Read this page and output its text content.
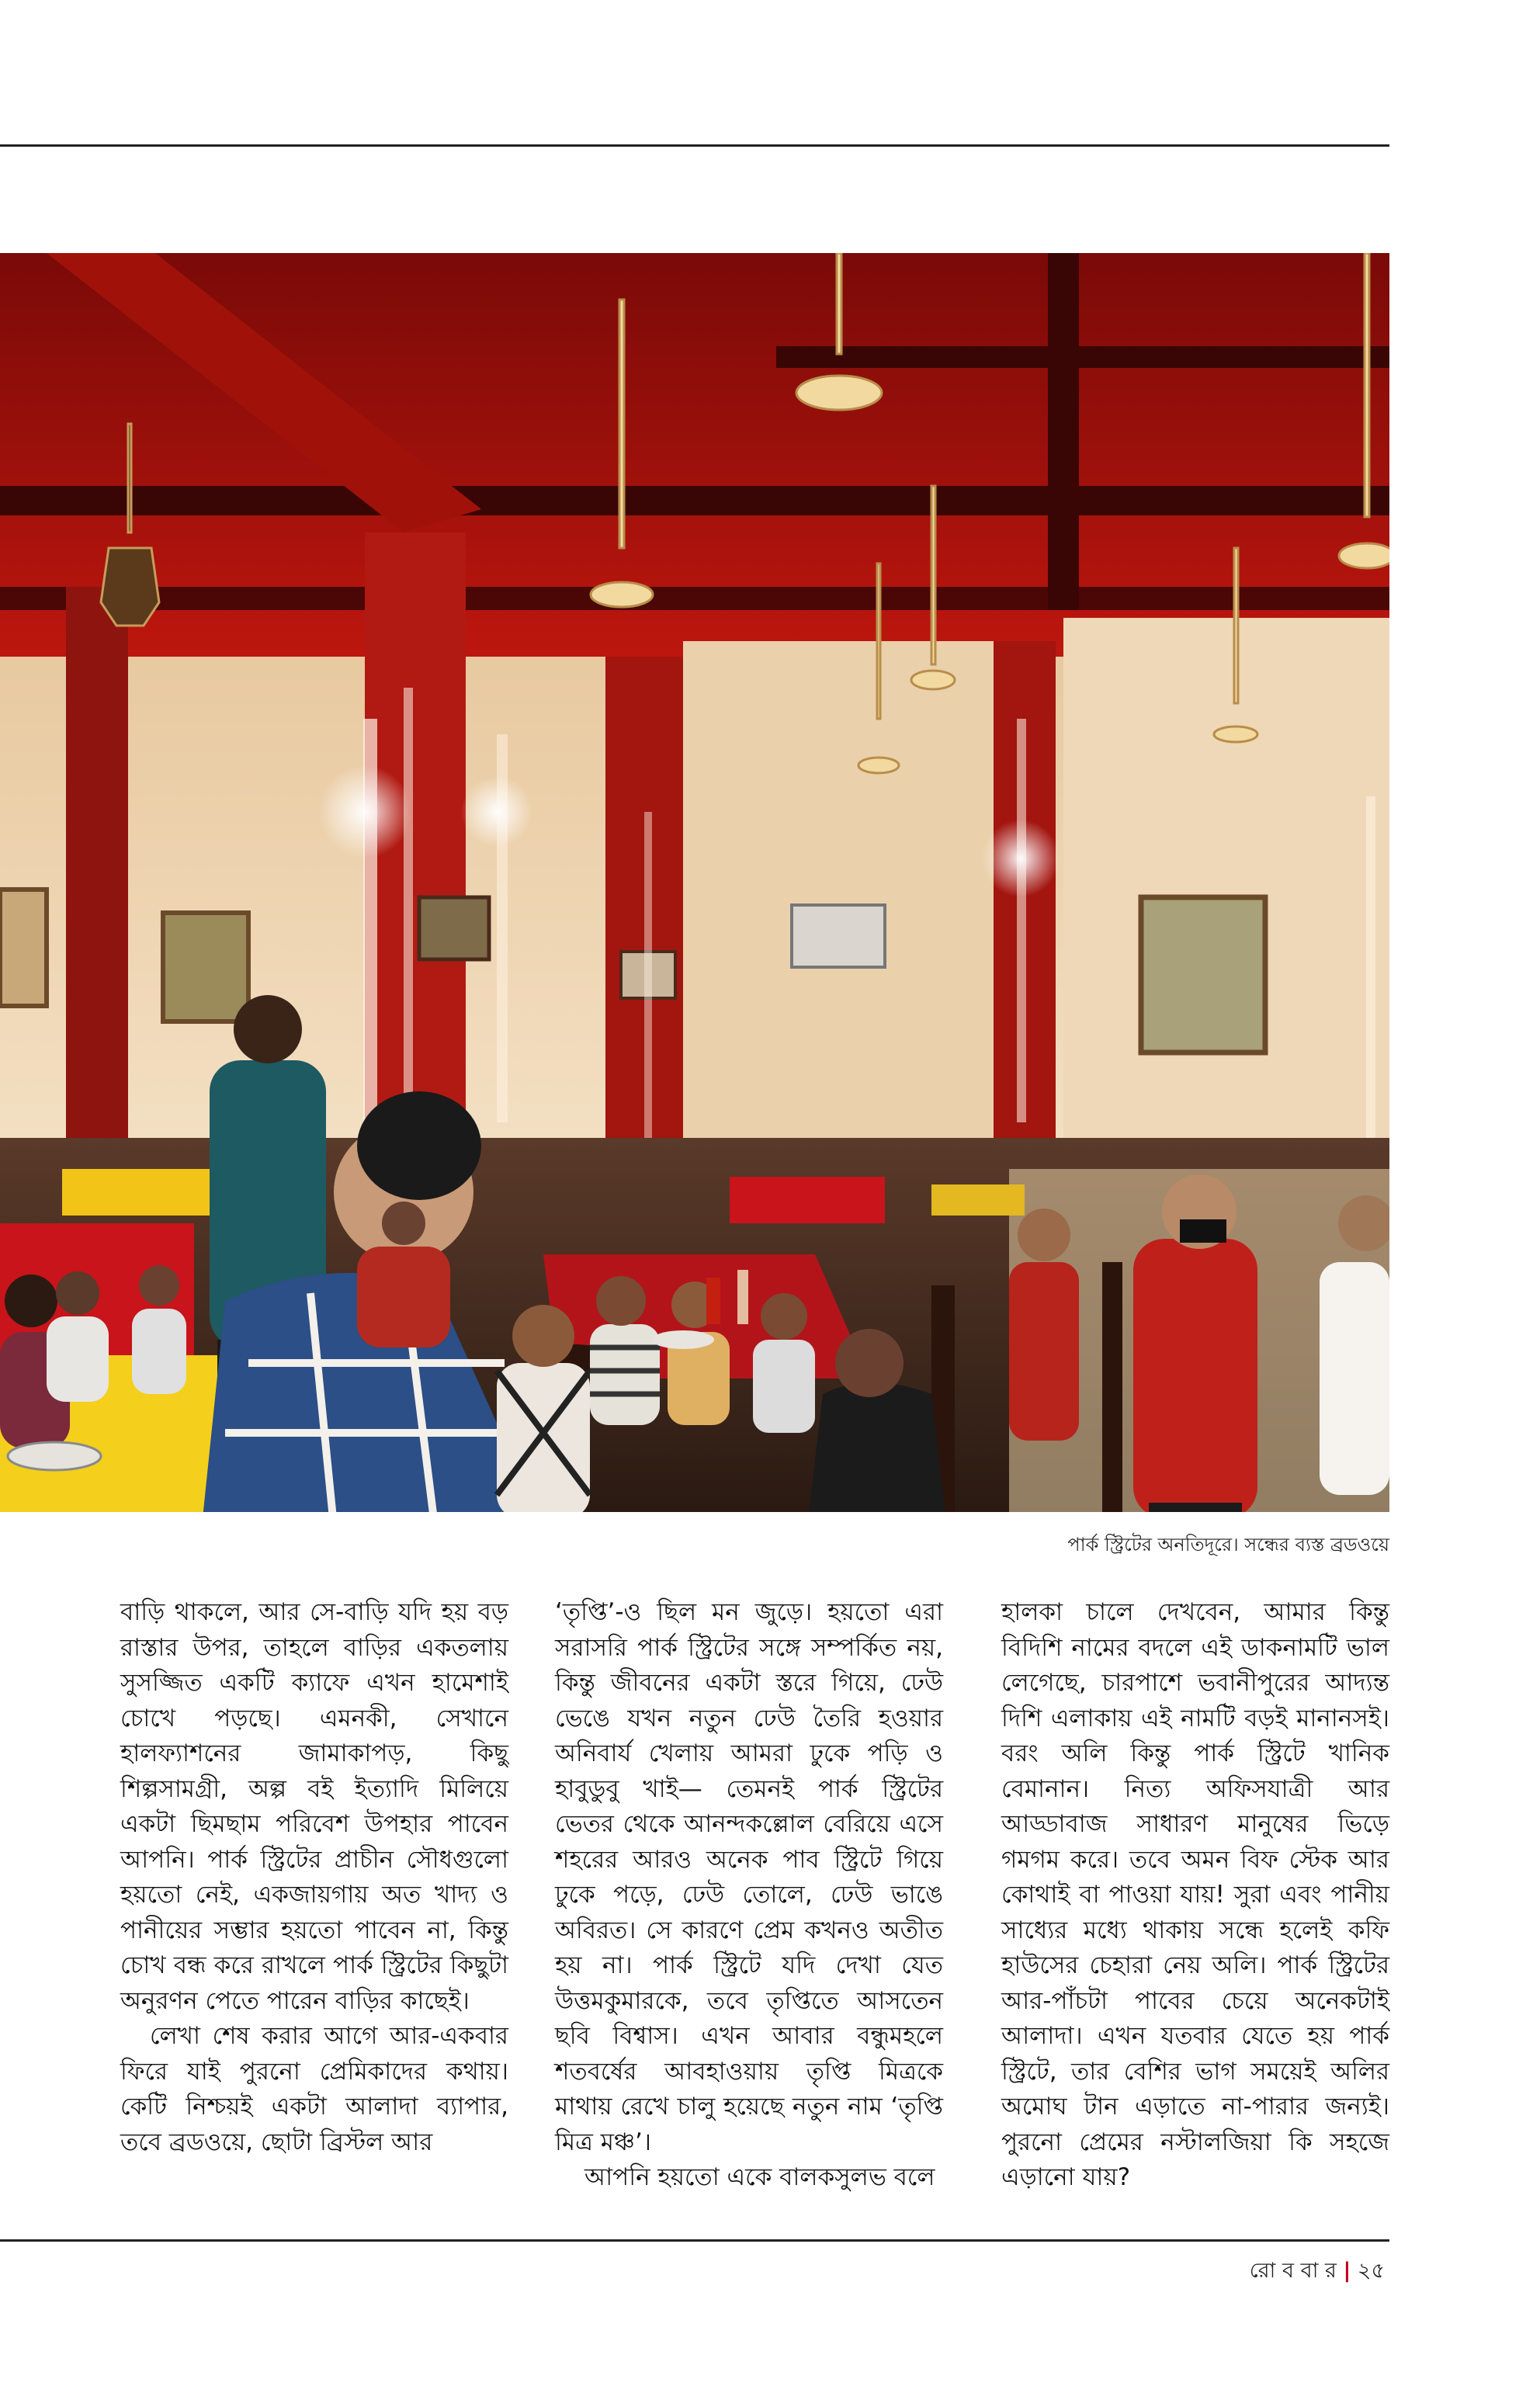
পার্ক স্ট্রিটের অনতিদূরে। সন্ধের ব্যস্ত ব্রডওয়ে

বাড়ি থাকলে, আর সে-বাড়ি যদি হয় বড় রাস্তার উপর, তাহলে বাড়ির একতলায় সুসজ্জিত একটি ক্যাফে এখন হামেশাই চোখে পড়ছে। এমনকী, সেখানে হালফ্যাশনের জামাকাপড়, কিছু শিল্পসামগ্রী, অল্প বই ইত্যাদি মিলিয়ে একটা ছিমছাম পরিবেশ উপহার পাবেন আপনি। পার্ক স্ট্রিটের প্রাচীন সৌধগুলো হয়তো নেই, একজায়গায় অত খাদ্য ও পানীয়ের সম্ভার হয়তো পাবেন না, কিন্তু চোখ বন্ধ করে রাখলে পার্ক স্ট্রিটের কিছুটা অনুরণন পেতে পারেন বাড়ির কাছেই।

লেখা শেষ করার আগে আর-একবার ফিরে যাই পুরনো প্রেমিকাদের কথায়। কেটি নিশ্চয়ই একটা আলাদা ব্যাপার, তবে ব্রডওয়ে, ছোটা ব্রিস্টল আর

‘তৃপ্তি’-ও ছিল মন জুড়ে। হয়তো এরা সরাসরি পার্ক স্ট্রিটের সঙ্গে সম্পর্কিত নয়, কিন্তু জীবনের একটা স্তরে গিয়ে, ঢেউ ভেঙে যখন নতুন ঢেউ তৈরি হওয়ার অনিবার্য খেলায় আমরা ঢুকে পড়ি ও হাবুডুবু খাই— তেমনই পার্ক স্ট্রিটের ভেতর থেকে আনন্দকল্লোল বেরিয়ে এসে শহরের আরও অনেক পাব স্ট্রিটে গিয়ে ঢুকে পড়ে, ঢেউ তোলে, ঢেউ ভাঙে অবিরত। সে কারণে প্রেম কখনও অতীত হয় না। পার্ক স্ট্রিটে যদি দেখা যেত উত্তমকুমারকে, তবে তৃপ্তিতে আসতেন ছবি বিশ্বাস। এখন আবার বন্ধুমহলে শতবর্ষের আবহাওয়ায় তৃপ্তি মিত্রকে মাথায় রেখে চালু হয়েছে নতুন নাম ‘তৃপ্তি মিত্র মঞ্চ’।

আপনি হয়তো একে বালকসুলভ বলে

হালকা চালে দেখবেন, আমার কিন্তু বিদিশি নামের বদলে এই ডাকনামটি ভাল লেগেছে, চারপাশে ভবানীপুরের আদ্যন্ত দিশি এলাকায় এই নামটি বড়ই মানানসই। বরং অলি কিন্তু পার্ক স্ট্রিটে খানিক বেমানান। নিত্য অফিসযাত্রী আর আড্ডাবাজ সাধারণ মানুষের ভিড়ে গমগম করে। তবে অমন বিফ স্টেক আর কোথাই বা পাওয়া যায়! সুরা এবং পানীয় সাধ্যের মধ্যে থাকায় সন্ধে হলেই কফি হাউসের চেহারা নেয় অলি। পার্ক স্ট্রিটের আর-পাঁচটা পাবের চেয়ে অনেকটাই আলাদা। এখন যতবার যেতে হয় পার্ক স্ট্রিটে, তার বেশির ভাগ সময়েই অলির অমোঘ টান এড়াতে না-পারার জন্যই। পুরনো প্রেমের নস্টালজিয়া কি সহজে এড়ানো যায়?

রো ব বা র | ২৫
